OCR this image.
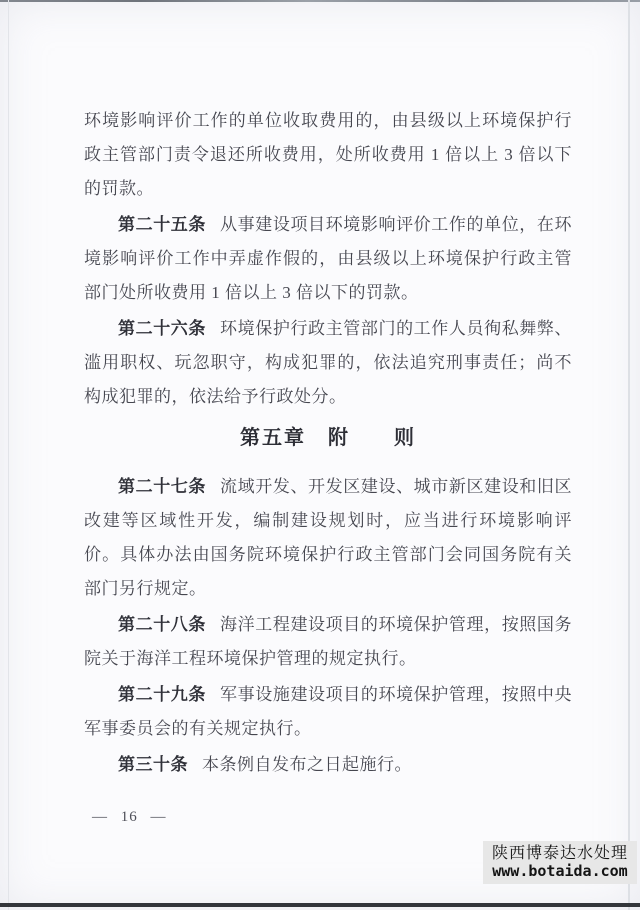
环境影响评价工作的单位收取费用的，由县级以上环境保护行政主管部门责令退还所收费用，处所收费用 1 倍以上 3 倍以下的罚款。

第二十五条 从事建设项目环境影响评价工作的单位，在环境影响评价工作中弄虚作假的，由县级以上环境保护行政主管部门处所收费用 1 倍以上 3 倍以下的罚款。

第二十六条 环境保护行政主管部门的工作人员徇私舞弊、滥用职权、玩忽职守，构成犯罪的，依法追究刑事责任；尚不构成犯罪的，依法给予行政处分。

第五章　附　　则

第二十七条 流域开发、开发区建设、城市新区建设和旧区改建等区域性开发，编制建设规划时，应当进行环境影响评价。具体办法由国务院环境保护行政主管部门会同国务院有关部门另行规定。

第二十八条 海洋工程建设项目的环境保护管理，按照国务院关于海洋工程环境保护管理的规定执行。

第二十九条 军事设施建设项目的环境保护管理，按照中央军事委员会的有关规定执行。

第三十条 本条例自发布之日起施行。

— 16 —
陕西博泰达水处理
www.botaida.com
